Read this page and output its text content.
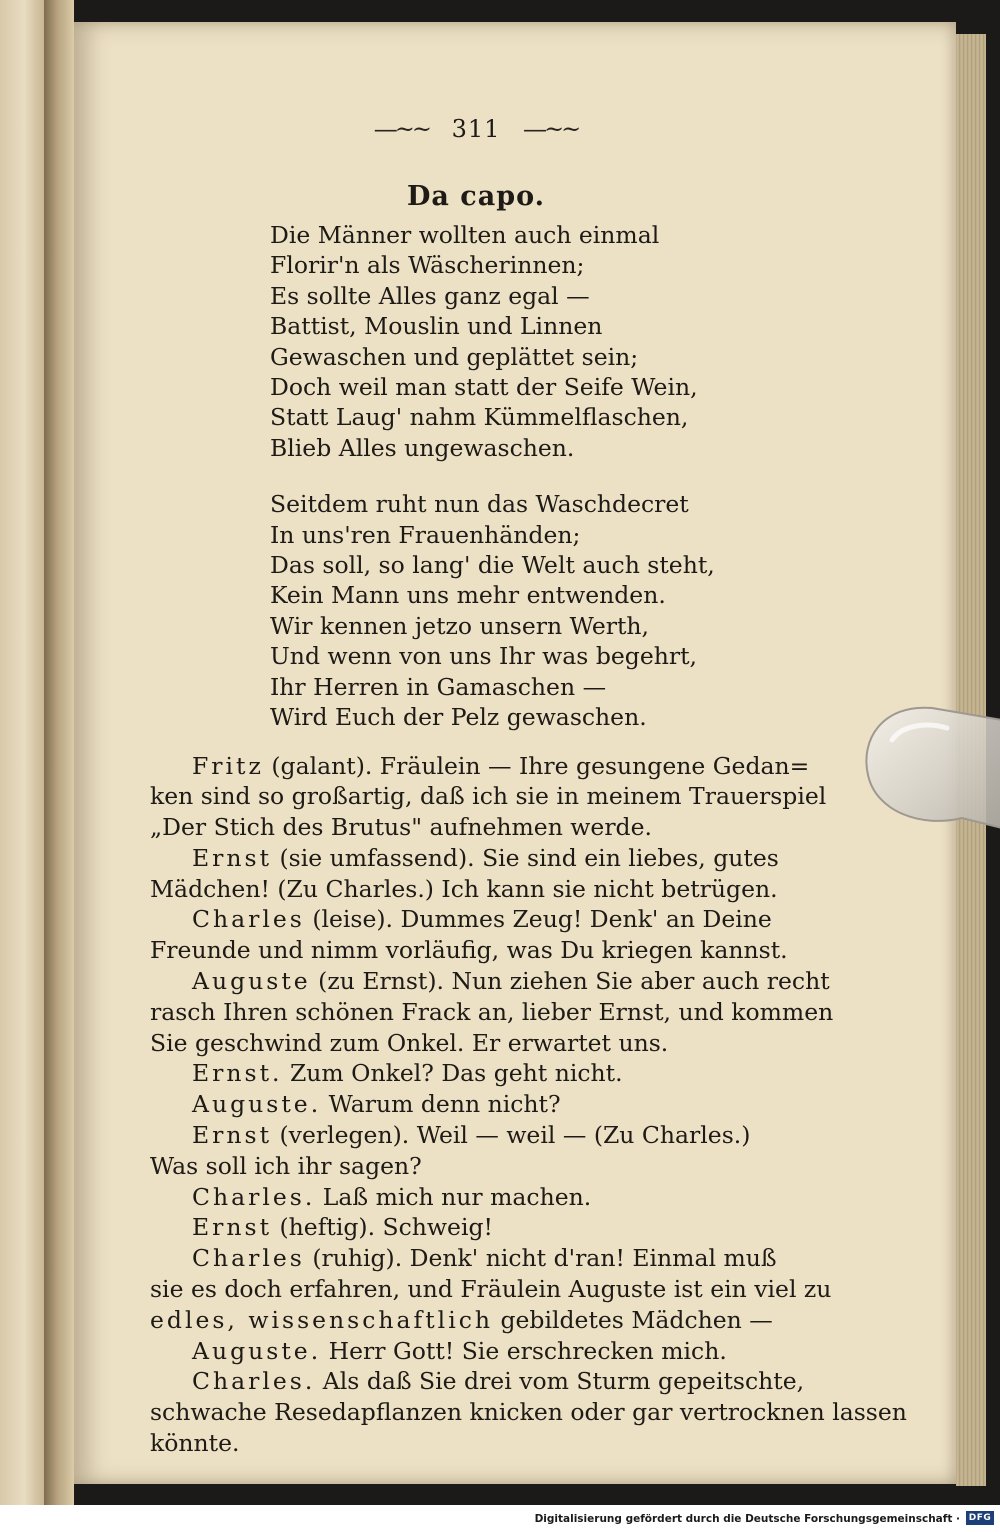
—~~ 311 —~~
Da capo.
Die Männer wollten auch einmal
Florir'n als Wäscherinnen;
Es sollte Alles ganz egal —
Battist, Mouslin und Linnen
Gewaschen und geplättet sein;
Doch weil man statt der Seife Wein,
Statt Laug' nahm Kümmelflaschen,
Blieb Alles ungewaschen.
Seitdem ruht nun das Waschdecret
In uns'ren Frauenhänden;
Das soll, so lang' die Welt auch steht,
Kein Mann uns mehr entwenden.
Wir kennen jetzo unsern Werth,
Und wenn von uns Ihr was begehrt,
Ihr Herren in Gamaschen —
Wird Euch der Pelz gewaschen.
Fritz (galant). Fräulein — Ihre gesungene Gedan=
ken sind so großartig, daß ich sie in meinem Trauerspiel
„Der Stich des Brutus" aufnehmen werde.
Ernst (sie umfassend). Sie sind ein liebes, gutes
Mädchen! (Zu Charles.) Ich kann sie nicht betrügen.
Charles (leise). Dummes Zeug! Denk' an Deine
Freunde und nimm vorläufig, was Du kriegen kannst.
Auguste (zu Ernst). Nun ziehen Sie aber auch recht
rasch Ihren schönen Frack an, lieber Ernst, und kommen
Sie geschwind zum Onkel. Er erwartet uns.
Ernst. Zum Onkel? Das geht nicht.
Auguste. Warum denn nicht?
Ernst (verlegen). Weil — weil — (Zu Charles.)
Was soll ich ihr sagen?
Charles. Laß mich nur machen.
Ernst (heftig). Schweig!
Charles (ruhig). Denk' nicht d'ran! Einmal muß
sie es doch erfahren, und Fräulein Auguste ist ein viel zu
edles, wissenschaftlich gebildetes Mädchen —
Auguste. Herr Gott! Sie erschrecken mich.
Charles. Als daß Sie drei vom Sturm gepeitschte,
schwache Resedapflanzen knicken oder gar vertrocknen lassen
könnte.
Digitalisierung gefördert durch die Deutsche Forschungsgemeinschaft · DFG
